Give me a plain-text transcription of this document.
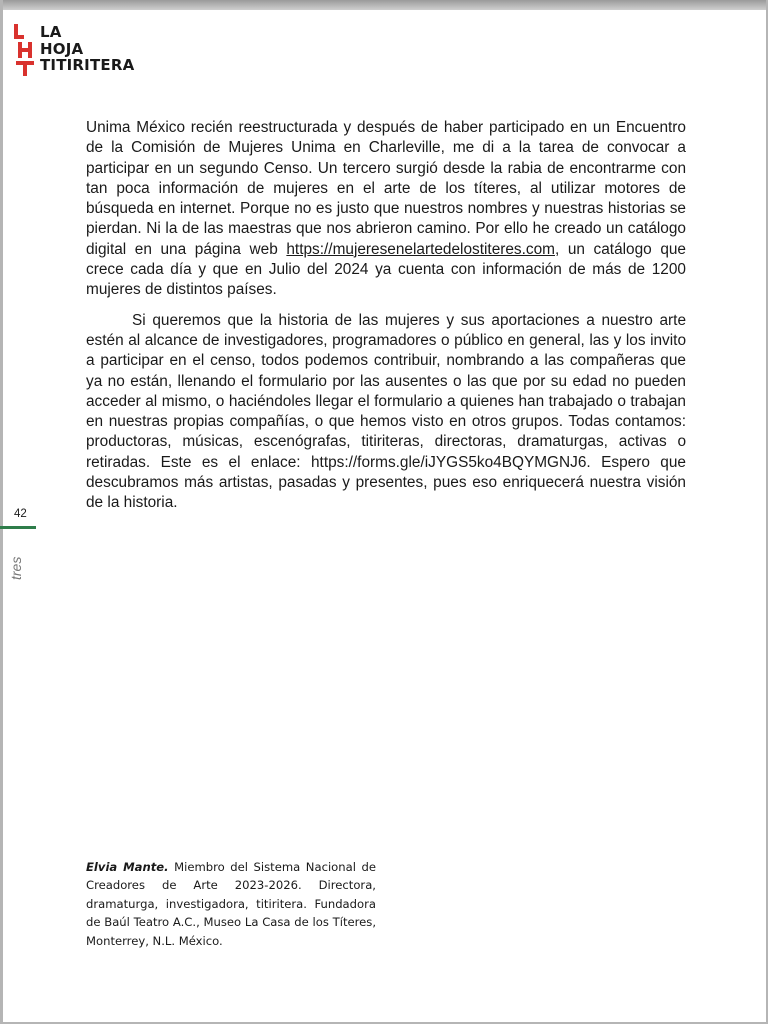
LA
HOJA
TITIRITERA

Unima México recién reestructurada y después de haber participado en un Encuentro de la Comisión de Mujeres Unima en Charleville, me di a la tarea de convocar a participar en un segundo Censo. Un tercero surgió desde la rabia de encontrarme con tan poca información de mujeres en el arte de los títeres, al utilizar motores de búsqueda en internet. Porque no es justo que nuestros nombres y nuestras historias se pierdan. Ni la de las maestras que nos abrieron camino. Por ello he creado un catálogo digital en una página web https://mujeresenelartedelostiteres.com, un catálogo que crece cada día y que en Julio del 2024 ya cuenta con información de más de 1200 mujeres de distintos países.

Si queremos que la historia de las mujeres y sus aportaciones a nuestro arte estén al alcance de investigadores, programadores o público en general, las y los invito a participar en el censo, todos podemos contribuir, nombrando a las compañeras que ya no están, llenando el formulario por las ausentes o las que por su edad no pueden acceder al mismo, o haciéndoles llegar el formulario a quienes han trabajado o trabajan en nuestras propias compañías, o que hemos visto en otros grupos. Todas contamos: productoras, músicas, escenógrafas, titiriteras, directoras, dramaturgas, activas o retiradas. Este es el enlace: https://forms.gle/iJYGS5ko4BQYMGNJ6. Espero que descubramos más artistas, pasadas y presentes, pues eso enriquecerá nuestra visión de la historia.

42
tres
Elvia Mante. Miembro del Sistema Nacional de Creadores de Arte 2023-2026. Directora, dramaturga, investigadora, titiritera. Fundadora de Baúl Teatro A.C., Museo La Casa de los Títeres, Monterrey, N.L. México.
